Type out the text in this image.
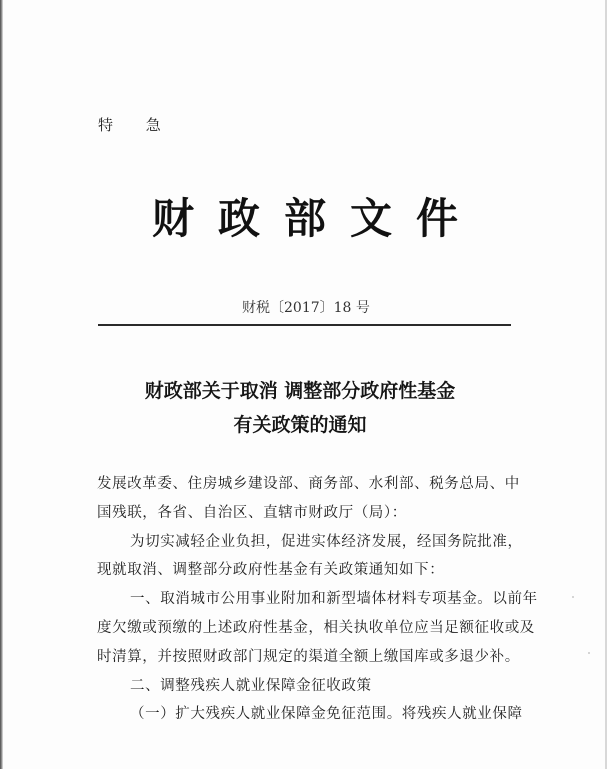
特 急
财政部文件
财税〔2017〕18 号
财政部关于取消 调整部分政府性基金
有关政策的通知
发展改革委、住房城乡建设部、商务部、水利部、税务总局、中
国残联，各省、自治区、直辖市财政厅（局）：
为切实减轻企业负担，促进实体经济发展，经国务院批准，
现就取消、调整部分政府性基金有关政策通知如下：
一、取消城市公用事业附加和新型墙体材料专项基金。以前年
度欠缴或预缴的上述政府性基金，相关执收单位应当足额征收或及
时清算，并按照财政部门规定的渠道全额上缴国库或多退少补。
二、调整残疾人就业保障金征收政策
（一）扩大残疾人就业保障金免征范围。将残疾人就业保障
